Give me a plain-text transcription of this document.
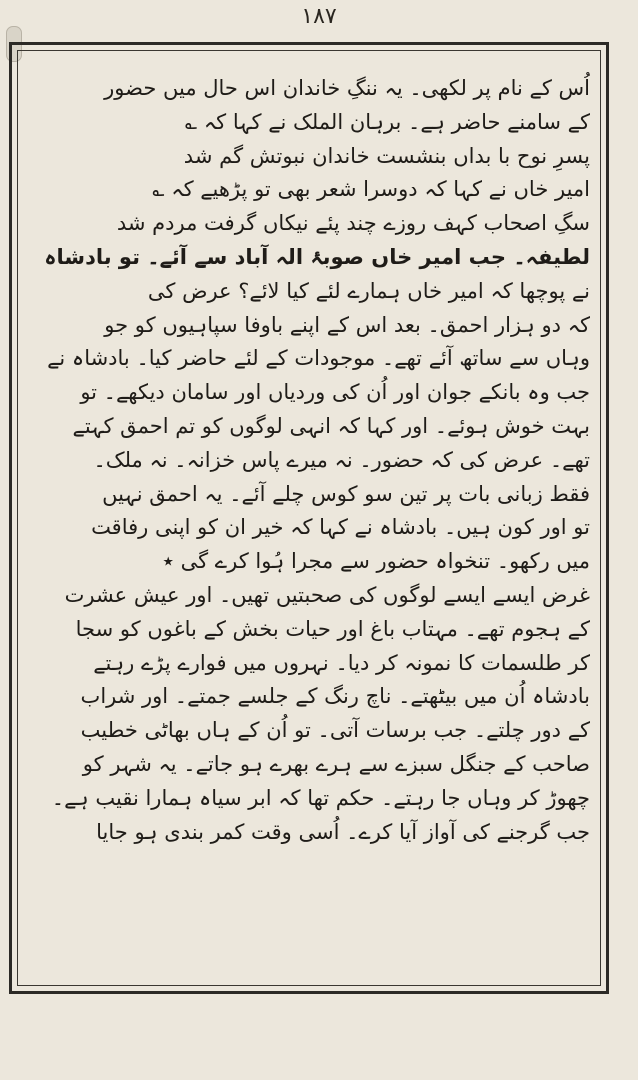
۱۸۷
اُس کے نام پر لکھی۔ یہ ننگِ خاندان اس حال میں حضور
کے سامنے حاضر ہے۔ برہان الملک نے کہا کہ ؎
پسرِ نوح با بداں بنشست خاندان نبوتش گم شد
امیر خاں نے کہا کہ دوسرا شعر بھی تو پڑھیے کہ ؎
سگِ اصحاب کہف روزے چند پئے نیکاں گرفت مردم شد
لطیفہ۔ جب امیر خاں صوبۂ الہ آباد سے آئے۔ تو بادشاہ
نے پوچھا کہ امیر خاں ہمارے لئے کیا لائے؟ عرض کی
کہ دو ہزار احمق۔ بعد اس کے اپنے باوفا سپاہیوں کو جو
وہاں سے ساتھ آئے تھے۔ موجودات کے لئے حاضر کیا۔ بادشاہ نے
جب وہ بانکے جوان اور اُن کی وردیاں اور سامان دیکھے۔ تو
بہت خوش ہوئے۔ اور کہا کہ انہی لوگوں کو تم احمق کہتے
تھے۔ عرض کی کہ حضور۔ نہ میرے پاس خزانہ۔ نہ ملک۔
فقط زبانی بات پر تین سو کوس چلے آئے۔ یہ احمق نہیں
تو اور کون ہیں۔ بادشاہ نے کہا کہ خیر ان کو اپنی رفاقت
میں رکھو۔ تنخواہ حضور سے مجرا ہُوا کرے گی ٭
غرض ایسے ایسے لوگوں کی صحبتیں تھیں۔ اور عیش عشرت
کے ہجوم تھے۔ مہتاب باغ اور حیات بخش کے باغوں کو سجا
کر طلسمات کا نمونہ کر دیا۔ نہروں میں فوارے پڑے رہتے
بادشاہ اُن میں بیٹھتے۔ ناچ رنگ کے جلسے جمتے۔ اور شراب
کے دور چلتے۔ جب برسات آتی۔ تو اُن کے ہاں بھاٹی خطیب
صاحب کے جنگل سبزے سے ہرے بھرے ہو جاتے۔ یہ شہر کو
چھوڑ کر وہاں جا رہتے۔ حکم تھا کہ ابر سیاہ ہمارا نقیب ہے۔
جب گرجنے کی آواز آیا کرے۔ اُسی وقت کمر بندی ہو جایا
